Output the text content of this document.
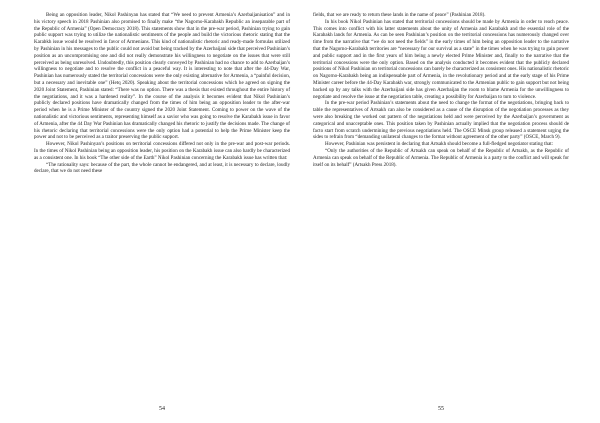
Being an opposition leader, Nikol Pashinyan has stated that “We need to prevent Armenia’s Azerbaijanisation” and in his victory speech in 2018 Pashinian also promised to finally make “the Nagorno-Karabakh Republic an inseparable part of the Republic of Armenia” (Open Democracy 2018). This statements show that in the pre-war period, Pashinian trying to gain public support was trying to utilize the nationalistic sentiments of the people and build the victorious rhetoric stating that the Karabkh issue would be resolved in favor of Armenians. This kind of nationalistic rhetoric and ready-made formulas utilized by Pashinian in his messages to the public could not avoid but being tracked by the Azerbaijani side that perceived Pashinian’s position as an uncompromising one and did not really demonstrate his willingness to negotiate on the issues that were still perceived as being unresolved. Undoubtedly, this position clearly conveyed by Pashinian had no chance to add to Azerbaijan’s willingness to negotiate and to resolve the conflict in a peaceful way. It is interesting to note that after the 44-Day War, Pashinian has numerously stated the territorial concessions were the only existing alternative for Armenia, a “painful decision, but a necessary and inevitable one” (Hetq 2020). Speaking about the territorial concessions which he agreed on signing the 2020 Joint Statement, Pashinian stated: “There was no option. There was a thesis that existed throughout the entire history of the negotiations, and it was a hardened reality”. In the course of the analysis it becomes evident that Nikol Pashinian’s publicly declared positions have dramatically changed from the times of him being an opposition leader to the after-war period when he is a Prime Minister of the country signed the 2020 Joint Statement. Coming to power on the wave of the nationalistic and victorious sentiments, representing himself as a savior who was going to resolve the Karabakh issue in favor of Armenia, after the 44 Day War Pashinian has dramatically changed his rhetoric to justify the decisions made. The change of his rhetoric declaring that territorial concessions were the only option had a potential to help the Prime Minister keep the power and not to be perceived as a traitor preserving the public support.

However, Nikol Pashinyan’s positions on territorial concessions differed not only in the pre-war and post-war periods. In the times of Nikol Pashinian being an opposition leader, his position on the Karabakh issue can also hardly be characterized as a consistent one. In his book “The other side of the Earth” Nikol Pashinian concerning the Karabakh issue has written that:

“The rationality says: because of the part, the whole cannot be endangered, and at least, it is necessary to declare, loudly declare, that we do not need these

54

fields, that we are ready to return these lands in the name of peace” (Pashinian 2018).

In his book Nikol Pashinian has stated that territorial concessions should be made by Armenia in order to reach peace. This comes into conflict with his latter statements about the unity of Armenia and Karabakh and the essential role of the Karabakh lands for Armenia. As can be seen Pashinian’s position on the territorial concessions has numerously changed over time from the narrative that “we do not need the fields” in the early times of him being an opposition leader to the narrative that the Nagorno-Karabakh territories are “necessary for our survival as a state” in the times when he was trying to gain power and public support and in the first years of him being a newly elected Prime Minister and, finally to the narrative that the territorial concessions were the only option. Based on the analysis conducted it becomes evident that the publicly declared positions of Nikol Pashinian on territorial concessions can barely be characterized as consistent ones. His nationalistic rhetoric on Nagorno-Karabakh being an indispensable part of Armenia, in the revolutionary period and at the early stage of his Prime Minister career before the 44-Day Karabakh war, strongly communicated to the Armenian public to gain support but not being backed up by any talks with the Azerbaijani side has given Azerbaijan the room to blame Armenia for the unwillingness to negotiate and resolve the issue at the negotiation table, creating a possibility for Azerbaijan to turn to violence.

In the pre-war period Pashinian’s statements about the need to change the format of the negotiations, bringing back to table the representatives of Artsakh can also be considered as a cause of the disruption of the negotiation processes as they were also breaking the worked out pattern of the negotiations held and were perceived by the Azerbaijan’s government as categorical and unacceptable ones. This position taken by Pashinian actually implied that the negotiation process should de facto start from scratch undermining the previous negotiations held. The OSCE Minsk group released a statement urging the sides to refrain from “demanding unilateral changes to the format without agreement of the other party” (OSCE, March 9).

However, Pashinian was persistent in declaring that Artsakh should become a full-fledged negotiator stating that:

“Only the authorities of the Republic of Artsakh can speak on behalf of the Republic of Artsakh, as the Republic of Armenia can speak on behalf of the Republic of Armenia. The Republic of Armenia is a party to the conflict and will speak for itself on its behalf” (Artsakh Press 2018).

55
